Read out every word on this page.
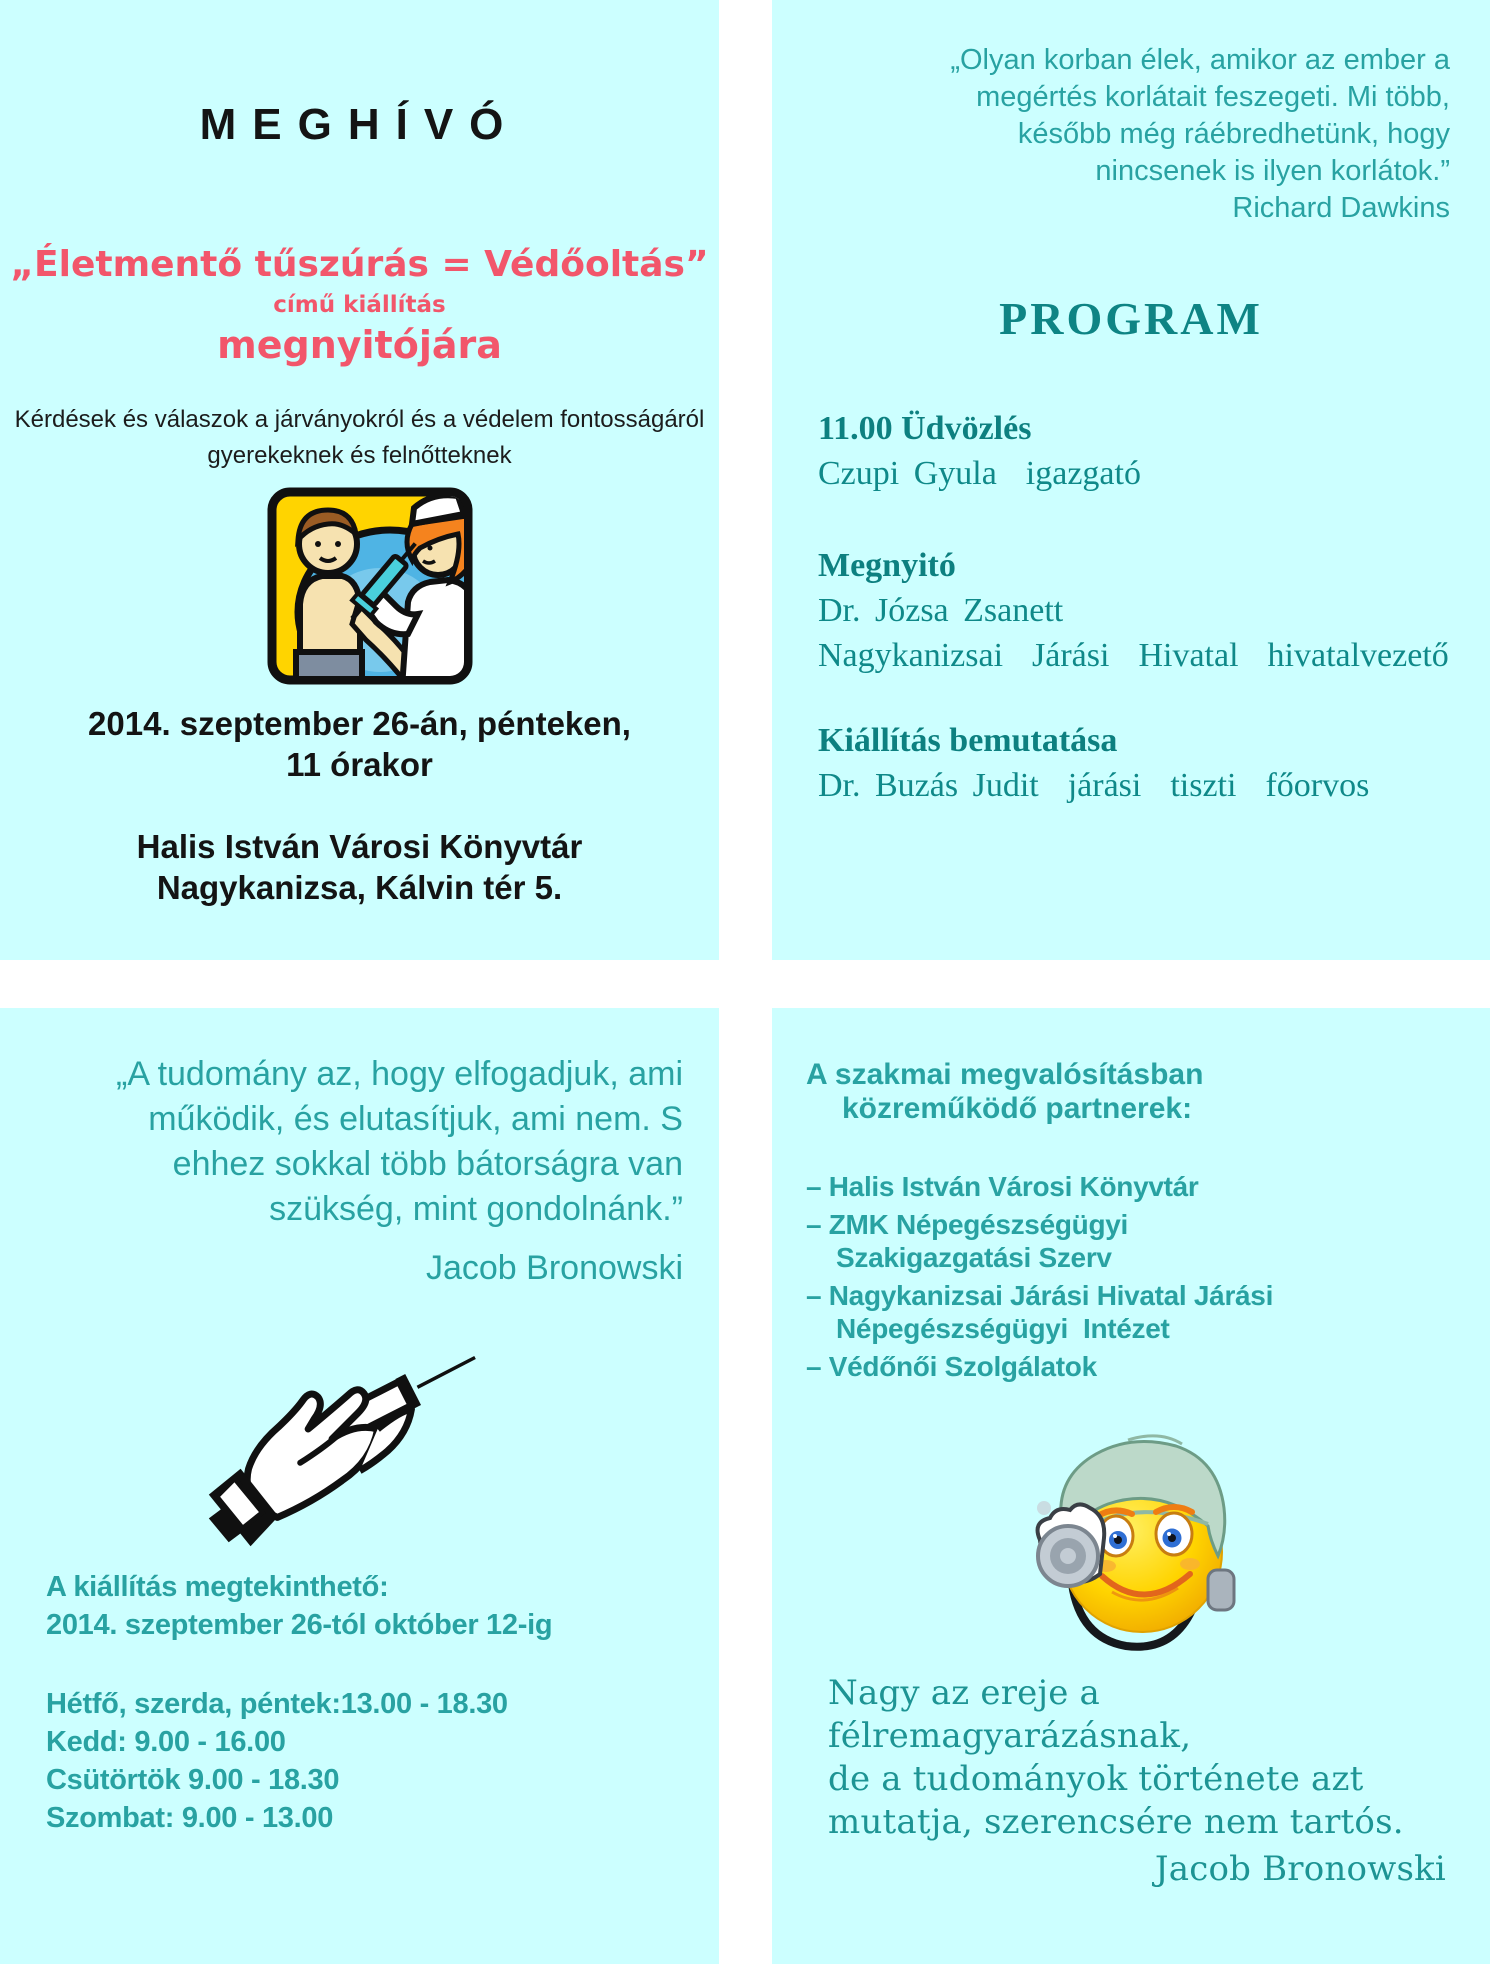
MEGHÍVÓ
„Életmentő tűszúrás = Védőoltás”
című kiállítás
megnyitójára
Kérdések és válaszok a járványokról és a védelem fontosságáról
gyerekeknek és felnőtteknek
2014. szeptember 26-án, pénteken,
11 órakor
Halis István Városi Könyvtár
Nagykanizsa, Kálvin tér 5.
„Olyan korban élek, amikor az ember a
megértés korlátait feszegeti. Mi több,
később még ráébredhetünk, hogy
nincsenek is ilyen korlátok.”
Richard Dawkins
PROGRAM
11.00 Üdvözlés
Czupi Gyula  igazgató
Megnyitó
Dr. Józsa Zsanett
Nagykanizsai  Járási  Hivatal  hivatalvezető
Kiállítás bemutatása
Dr. Buzás Judit  járási  tiszti  főorvos
„A tudomány az, hogy elfogadjuk, ami
működik, és elutasítjuk, ami nem. S
ehhez sokkal több bátorságra van
szükség, mint gondolnánk.”
Jacob Bronowski
A kiállítás megtekinthető:
2014. szeptember 26-tól október 12-ig
Hétfő, szerda, péntek:13.00 - 18.30
Kedd: 9.00 - 16.00
Csütörtök 9.00 - 18.30
Szombat: 9.00 - 13.00
A szakmai megvalósításban
közreműködő partnerek:
– Halis István Városi Könyvtár
– ZMK Népegészségügyi
Szakigazgatási Szerv
– Nagykanizsai Járási Hivatal Járási
Népegészségügyi  Intézet
– Védőnői Szolgálatok
Nagy az ereje a félremagyarázásnak,
de a tudományok története azt
mutatja, szerencsére nem tartós.
Jacob Bronowski
